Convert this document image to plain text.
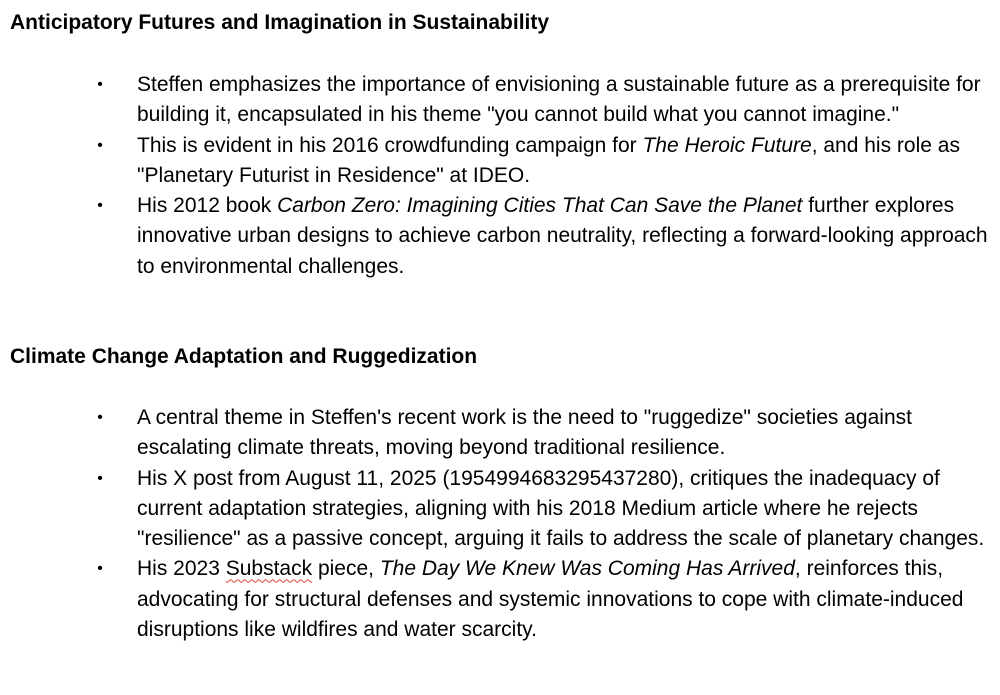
Anticipatory Futures and Imagination in Sustainability
•	Steffen emphasizes the importance of envisioning a sustainable future as a prerequisite for building it, encapsulated in his theme "you cannot build what you cannot imagine."
•	This is evident in his 2016 crowdfunding campaign for The Heroic Future, and his role as "Planetary Futurist in Residence" at IDEO.
•	His 2012 book Carbon Zero: Imagining Cities That Can Save the Planet further explores innovative urban designs to achieve carbon neutrality, reflecting a forward-looking approach to environmental challenges.
Climate Change Adaptation and Ruggedization
•	A central theme in Steffen's recent work is the need to "ruggedize" societies against escalating climate threats, moving beyond traditional resilience.
•	His X post from August 11, 2025 (1954994683295437280), critiques the inadequacy of current adaptation strategies, aligning with his 2018 Medium article where he rejects "resilience" as a passive concept, arguing it fails to address the scale of planetary changes.
•	His 2023 Substack piece, The Day We Knew Was Coming Has Arrived, reinforces this, advocating for structural defenses and systemic innovations to cope with climate-induced disruptions like wildfires and water scarcity.
